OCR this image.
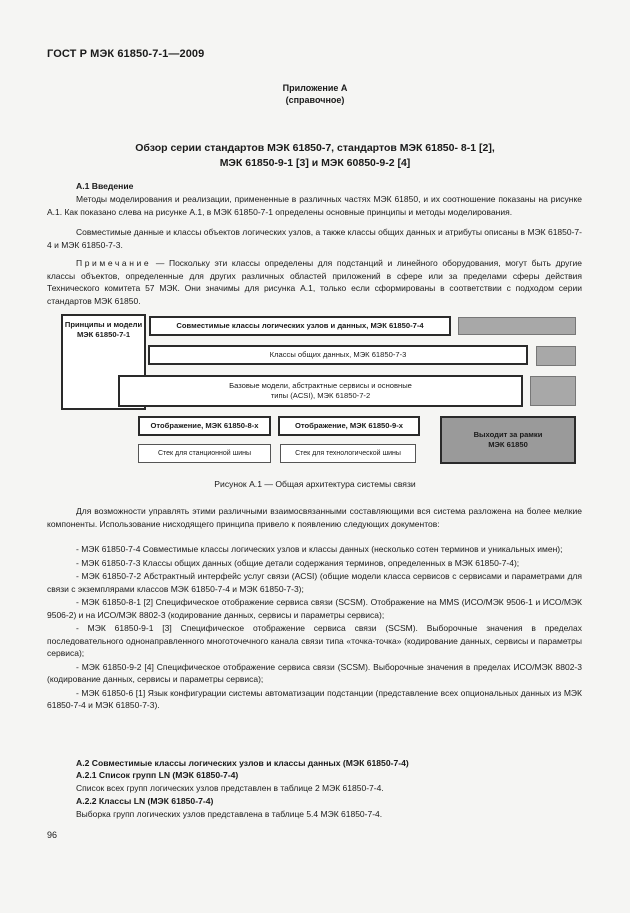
ГОСТ Р МЭК 61850-7-1—2009
Приложение А
(справочное)
Обзор серии стандартов МЭК 61850-7, стандартов МЭК 61850- 8-1 [2],
МЭК 61850-9-1 [3] и МЭК 60850-9-2 [4]
А.1 Введение
Методы моделирования и реализации, примененные в различных частях МЭК 61850, и их соотношение показаны на рисунке А.1. Как показано слева на рисунке А.1, в МЭК 61850-7-1 определены основные принципы и методы моделирования.
Совместимые данные и классы объектов логических узлов, а также классы общих данных и атрибуты описаны в МЭК 61850-7-4 и МЭК 61850-7-3.
Примечание — Поскольку эти классы определены для подстанций и линейного оборудования, могут быть другие классы объектов, определенные для других различных областей приложений в сфере или за пределами сферы действия Технического комитета 57 МЭК. Они значимы для рисунка А.1, только если сформированы в соответствии с подходом серии стандартов МЭК 61850.
Принципы и модели МЭК 61850-7-1
Совместимые классы логических узлов и данных, МЭК 61850-7-4
Классы общих данных, МЭК 61850-7-3
Базовые модели, абстрактные сервисы и основные типы (ACSI), МЭК 61850-7-2
Отображение, МЭК 61850-8-х	Отображение, МЭК 61850-9-х
Выходит за рамки МЭК 61850
Стек для станционной шины	Стек для технологической шины
Рисунок А.1 — Общая архитектура системы связи
Для возможности управлять этими различными взаимосвязанными составляющими вся система разложена на более мелкие компоненты. Использование нисходящего принципа привело к появлению следующих документов:
- МЭК 61850-7-4 Совместимые классы логических узлов и классы данных (несколько сотен терминов и уникальных имен);
- МЭК 61850-7-3 Классы общих данных (общие детали содержания терминов, определенных в МЭК 61850-7-4);
- МЭК 61850-7-2 Абстрактный интерфейс услуг связи (ACSI) (общие модели класса сервисов с сервисами и параметрами для связи с экземплярами классов МЭК 61850-7-4 и МЭК 61850-7-3);
- МЭК 61850-8-1 [2] Специфическое отображение сервиса связи (SCSM). Отображение на MMS (ИСО/МЭК 9506-1 и ИСО/МЭК 9506-2) и на ИСО/МЭК 8802-3 (кодирование данных, сервисы и параметры сервиса);
- МЭК 61850-9-1 [3] Специфическое отображение сервиса связи (SCSM). Выборочные значения в пределах последовательного однонаправленного многоточечного канала связи типа «точка-точка» (кодирование данных, сервисы и параметры сервиса);
- МЭК 61850-9-2 [4] Специфическое отображение сервиса связи (SCSM). Выборочные значения в пределах ИСО/МЭК 8802-3 (кодирование данных, сервисы и параметры сервиса);
- МЭК 61850-6 [1] Язык конфигурации системы автоматизации подстанции (представление всех опциональных данных из МЭК 61850-7-4 и МЭК 61850-7-3).
А.2 Совместимые классы логических узлов и классы данных (МЭК 61850-7-4)
А.2.1 Список групп LN (МЭК 61850-7-4)
Список всех групп логических узлов представлен в таблице 2 МЭК 61850-7-4.
А.2.2 Классы LN (МЭК 61850-7-4)
Выборка групп логических узлов представлена в таблице 5.4 МЭК 61850-7-4.
96
